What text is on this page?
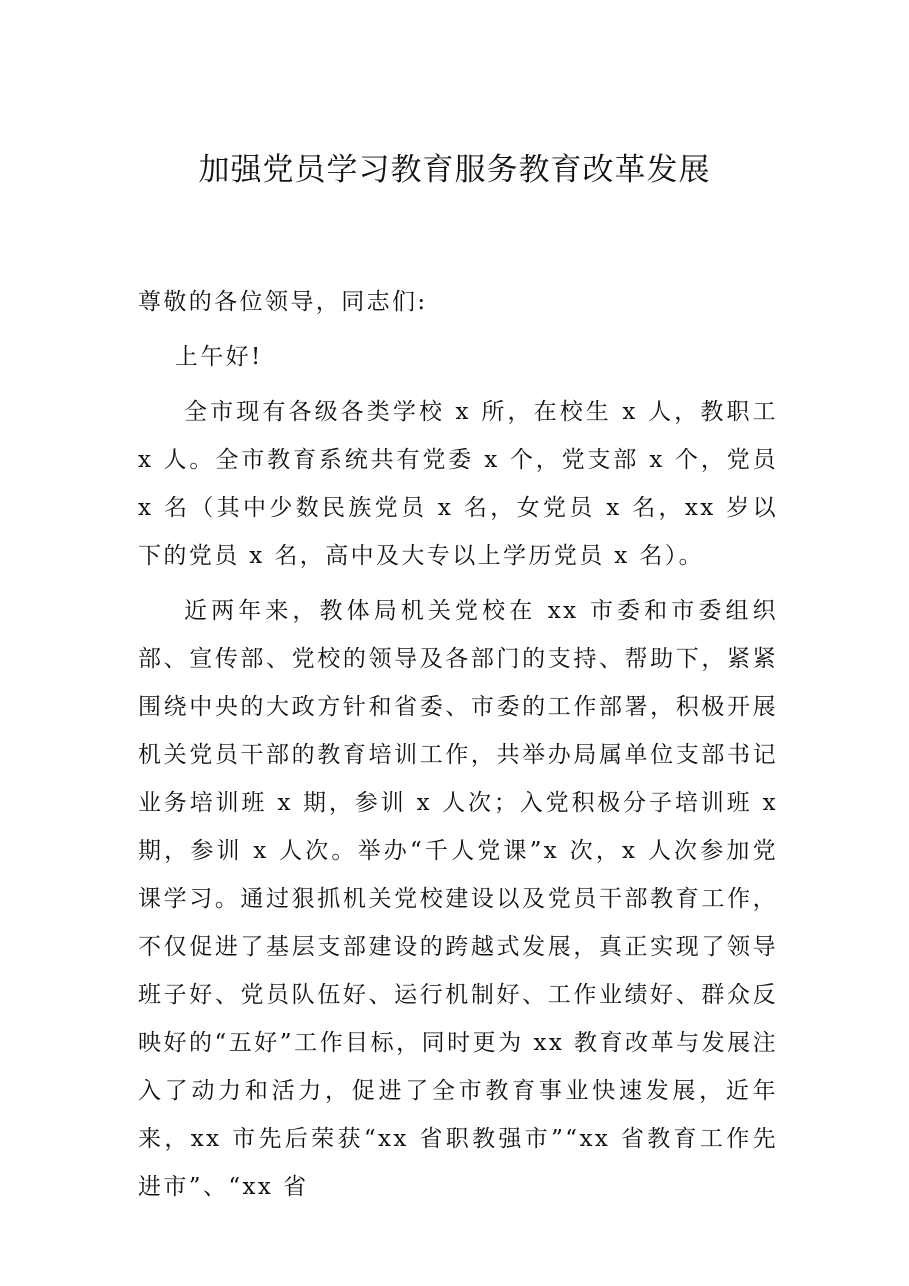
加强党员学习教育服务教育改革发展

尊敬的各位领导，同志们:

上午好!

全市现有各级各类学校 x 所，在校生 x 人，教职工 x 人。全市教育系统共有党委 x 个，党支部 x 个，党员 x 名（其中少数民族党员 x 名，女党员 x 名，xx 岁以下的党员 x 名，高中及大专以上学历党员 x 名）。

近两年来，教体局机关党校在 xx 市委和市委组织部、宣传部、党校的领导及各部门的支持、帮助下，紧紧围绕中央的大政方针和省委、市委的工作部署，积极开展机关党员干部的教育培训工作，共举办局属单位支部书记业务培训班 x 期，参训 x 人次；入党积极分子培训班 x 期，参训 x 人次。举办“千人党课”x 次，x 人次参加党课学习。通过狠抓机关党校建设以及党员干部教育工作，不仅促进了基层支部建设的跨越式发展，真正实现了领导班子好、党员队伍好、运行机制好、工作业绩好、群众反映好的“五好”工作目标，同时更为 xx 教育改革与发展注入了动力和活力，促进了全市教育事业快速发展，近年来，xx 市先后荣获“xx 省职教强市”“xx 省教育工作先进市”、“xx 省
